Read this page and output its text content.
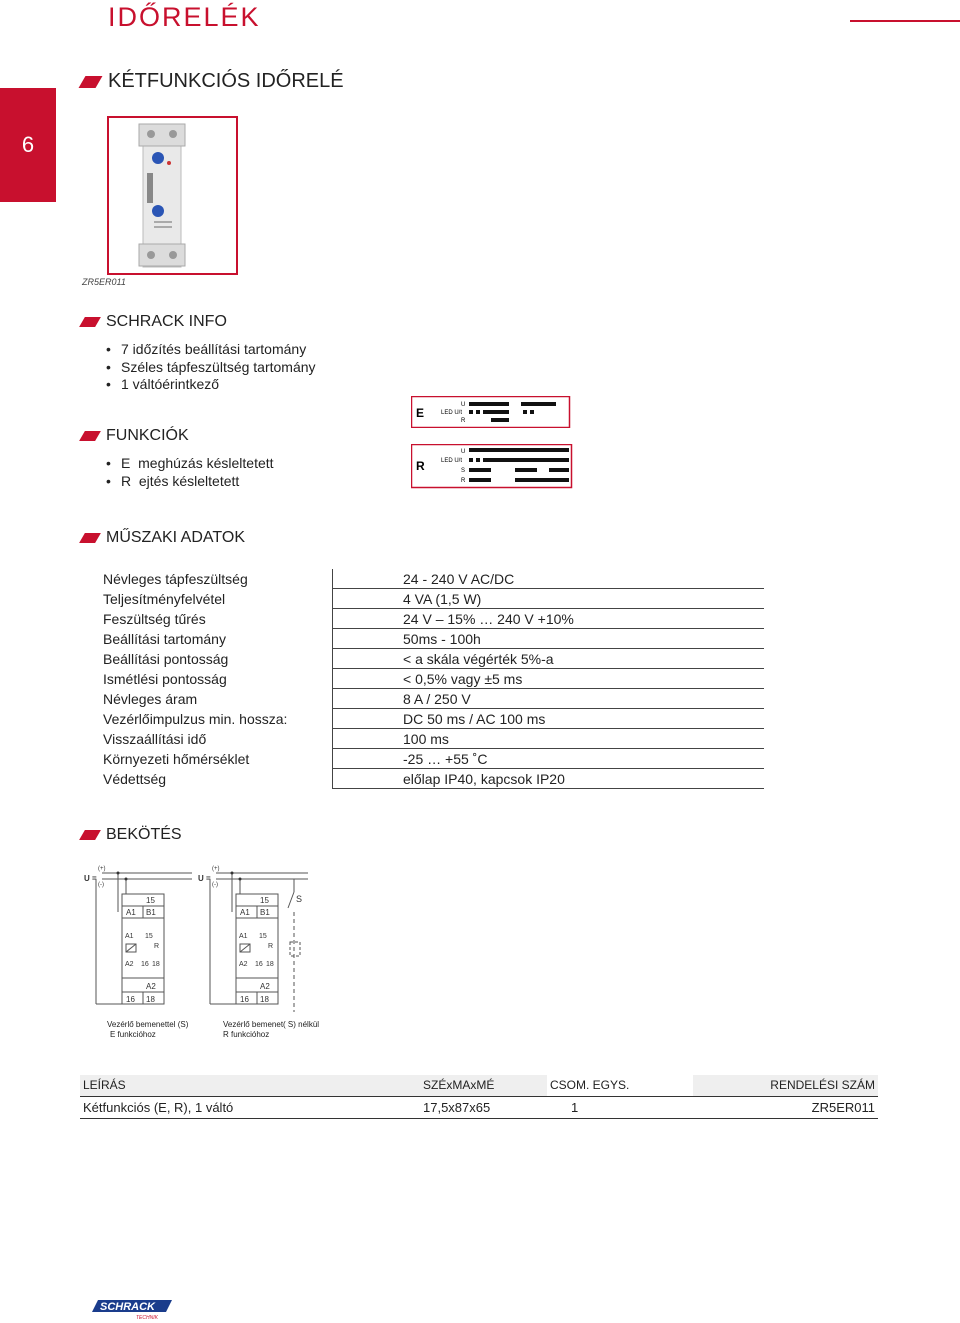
IDŐRELÉK
6
KÉTFUNKCIÓS IDŐRELÉ
ZR5ER011
SCHRACK INFO
• 7 időzítés beállítási tartomány
• Széles tápfeszültség tartomány
• 1 váltóérintkező
FUNKCIÓK
• E  meghúzás késleltetett
• R  ejtés késleltetett
E
U
LED U/t
R
R
U
LED U/t
S
R
MŰSZAKI ADATOK
Névleges tápfeszültség	24 - 240 V AC/DC
Teljesítményfelvétel	4 VA (1,5 W)
Feszültség tűrés	24 V – 15% … 240 V +10%
Beállítási tartomány	50ms - 100h
Beállítási pontosság	< a skála végérték 5%-a
Ismétlési pontosság	< 0,5% vagy ±5 ms
Névleges áram	8 A / 250 V
Vezérlőimpulzus min. hossza:	DC 50 ms / AC 100 ms
Visszaállítási idő	100 ms
Környezeti hőmérséklet	-25 … +55 ˚C
Védettség	előlap IP40, kapcsok IP20
BEKÖTÉS
(+)
(-)
U =
15
A1 B1
A1 15
R
A2 16 18
A2
16 18
(+)
(-)
U =
S
15
A1 B1
A1 15
R
A2 16 18
A2
16 18
Vezérlő bemenettel (S)
E funkcióhoz
Vezérlő bemenet( S) nélkül
R funkcióhoz
LEÍRÁS	SZÉxMAxMÉ	CSOM. EGYS.	RENDELÉSI SZÁM
Kétfunkciós (E, R), 1 váltó	17,5x87x65	1	ZR5ER011
SCHRACK
TECHNIK
